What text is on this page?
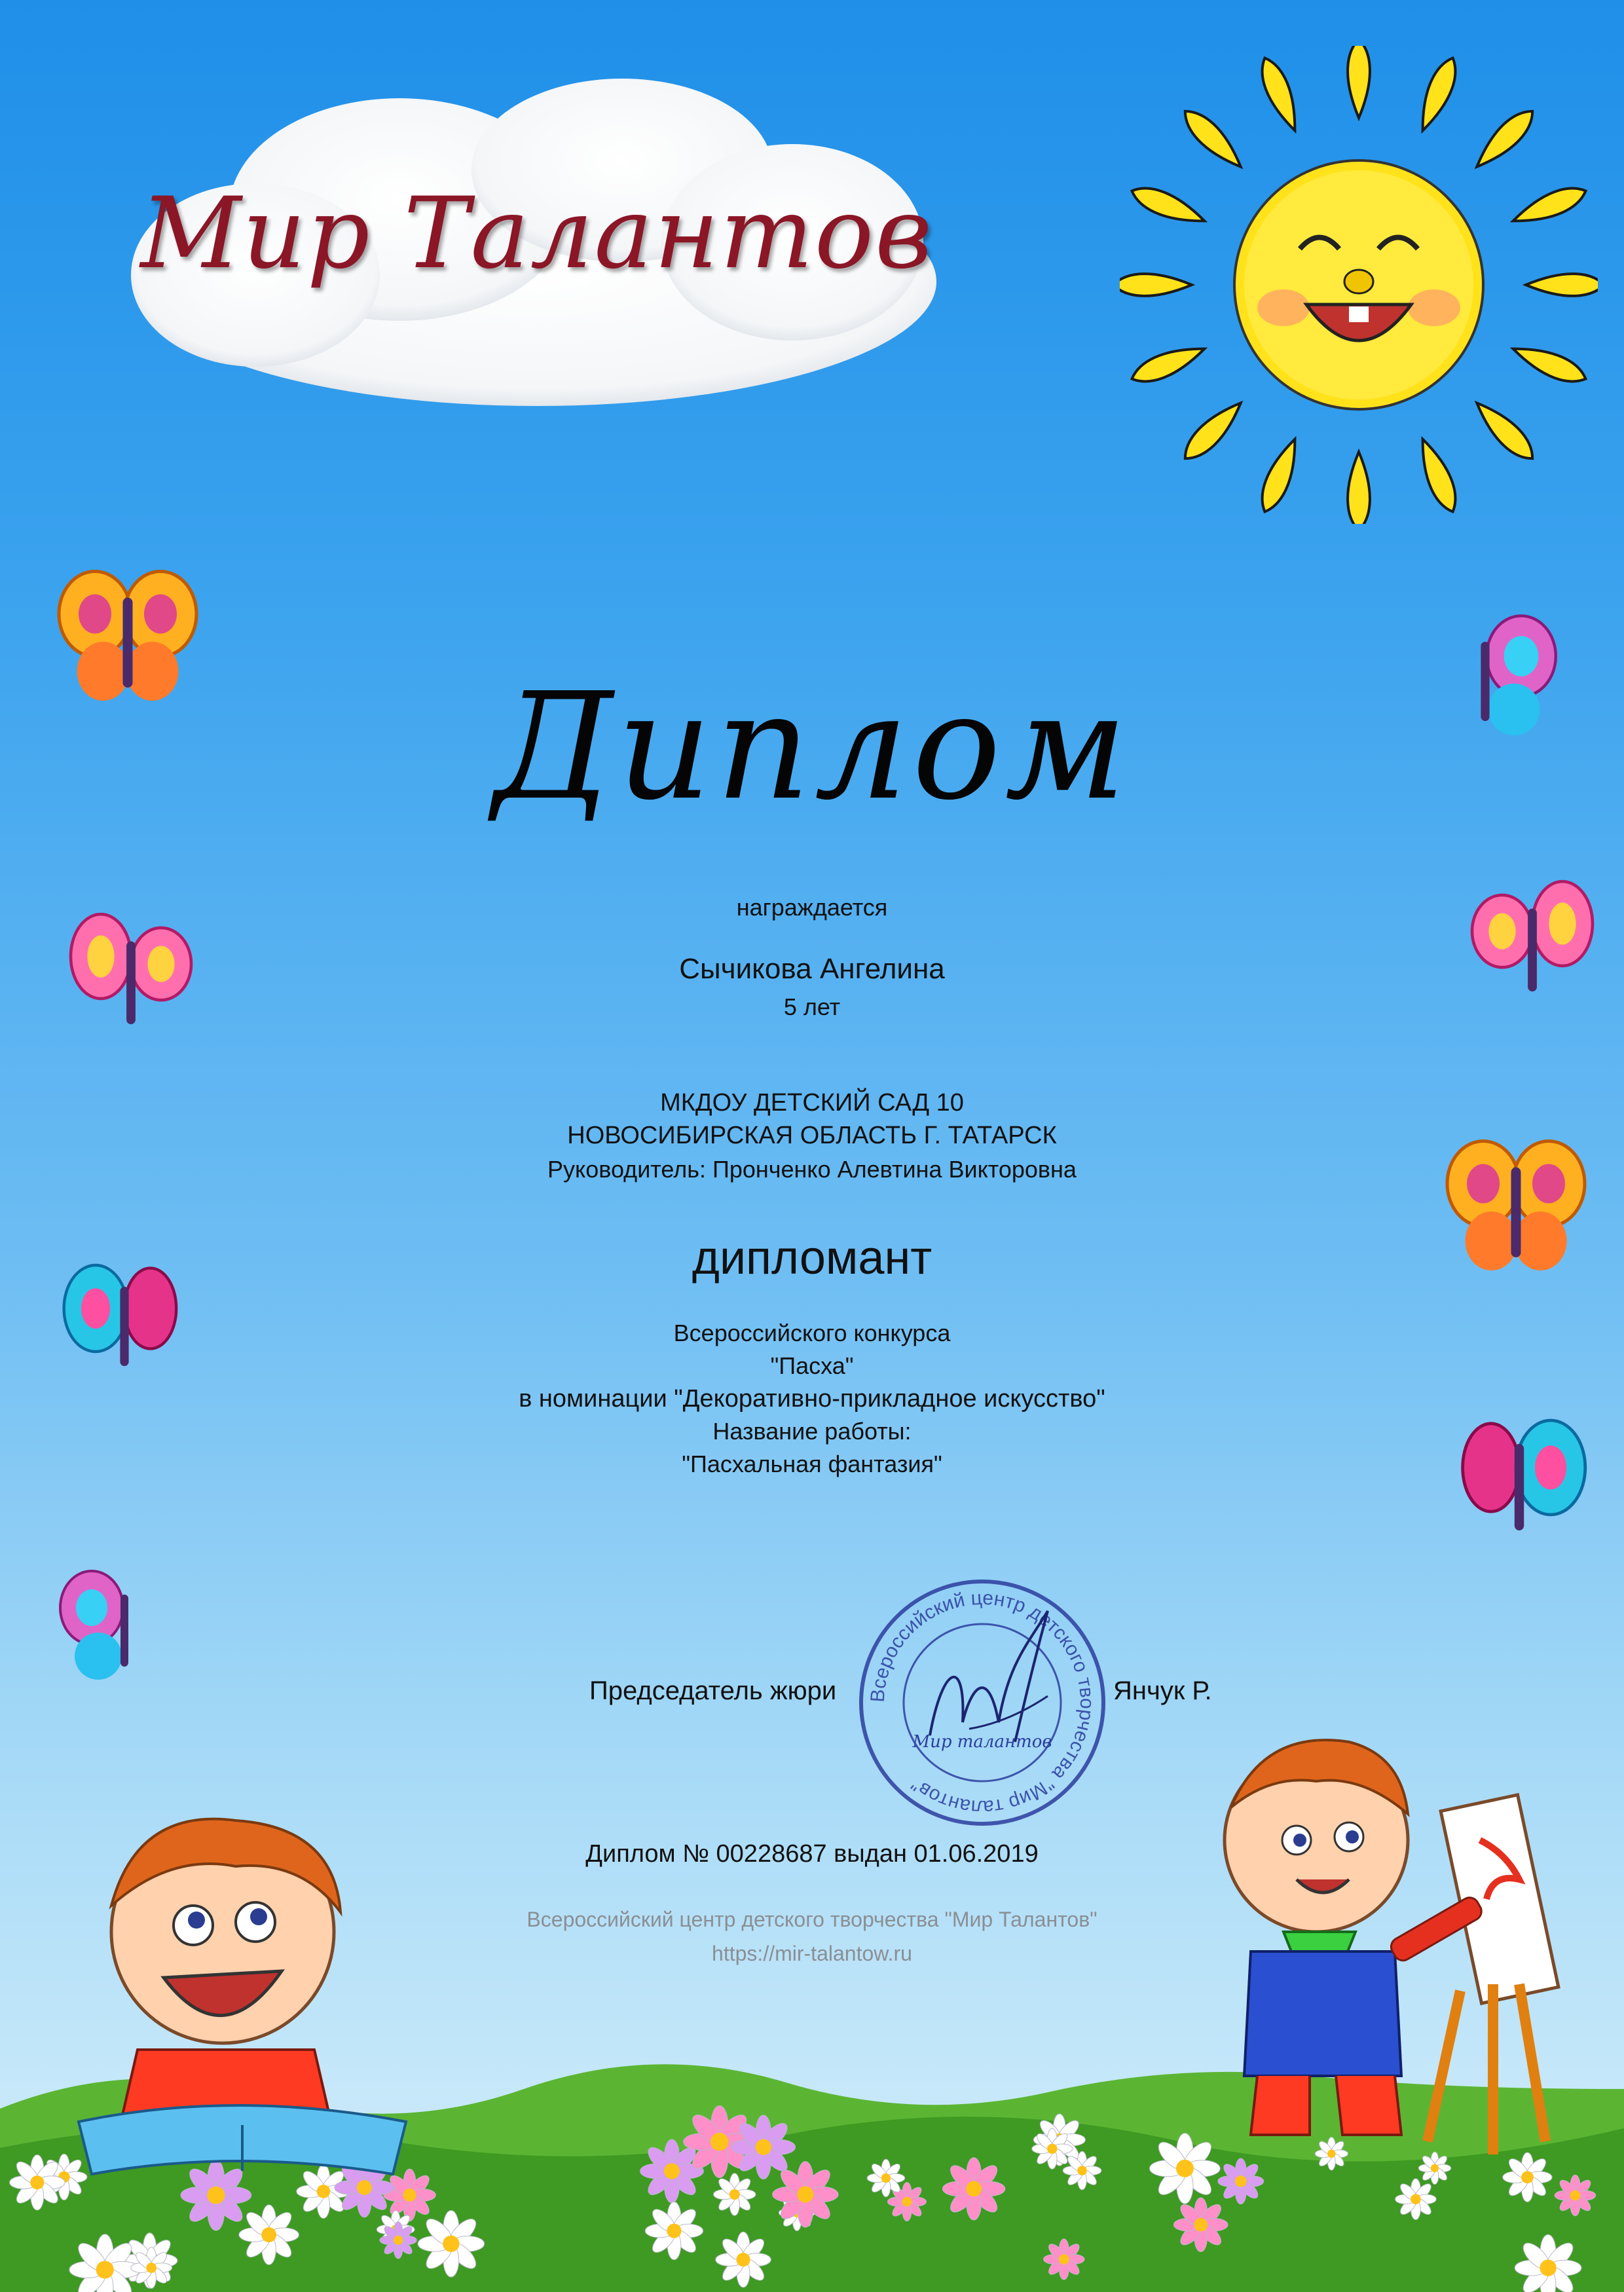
Мир Талантов
Диплом
награждается
Сычикова Ангелина
5 лет
МКДОУ ДЕТСКИЙ САД 10
НОВОСИБИРСКАЯ ОБЛАСТЬ Г. ТАТАРСК
Руководитель: Пронченко Алевтина Викторовна
дипломант
Всероссийского конкурса
"Пасха"
в номинации "Декоративно-прикладное искусство"
Название работы:
"Пасхальная фантазия"
Председатель жюри	Янчук Р.
Всероссийский центр детского творчества "Мир талантов"
Мир талантов
Диплом № 00228687 выдан 01.06.2019
Всероссийский центр детского творчества "Мир Талантов"
https://mir-talantow.ru
